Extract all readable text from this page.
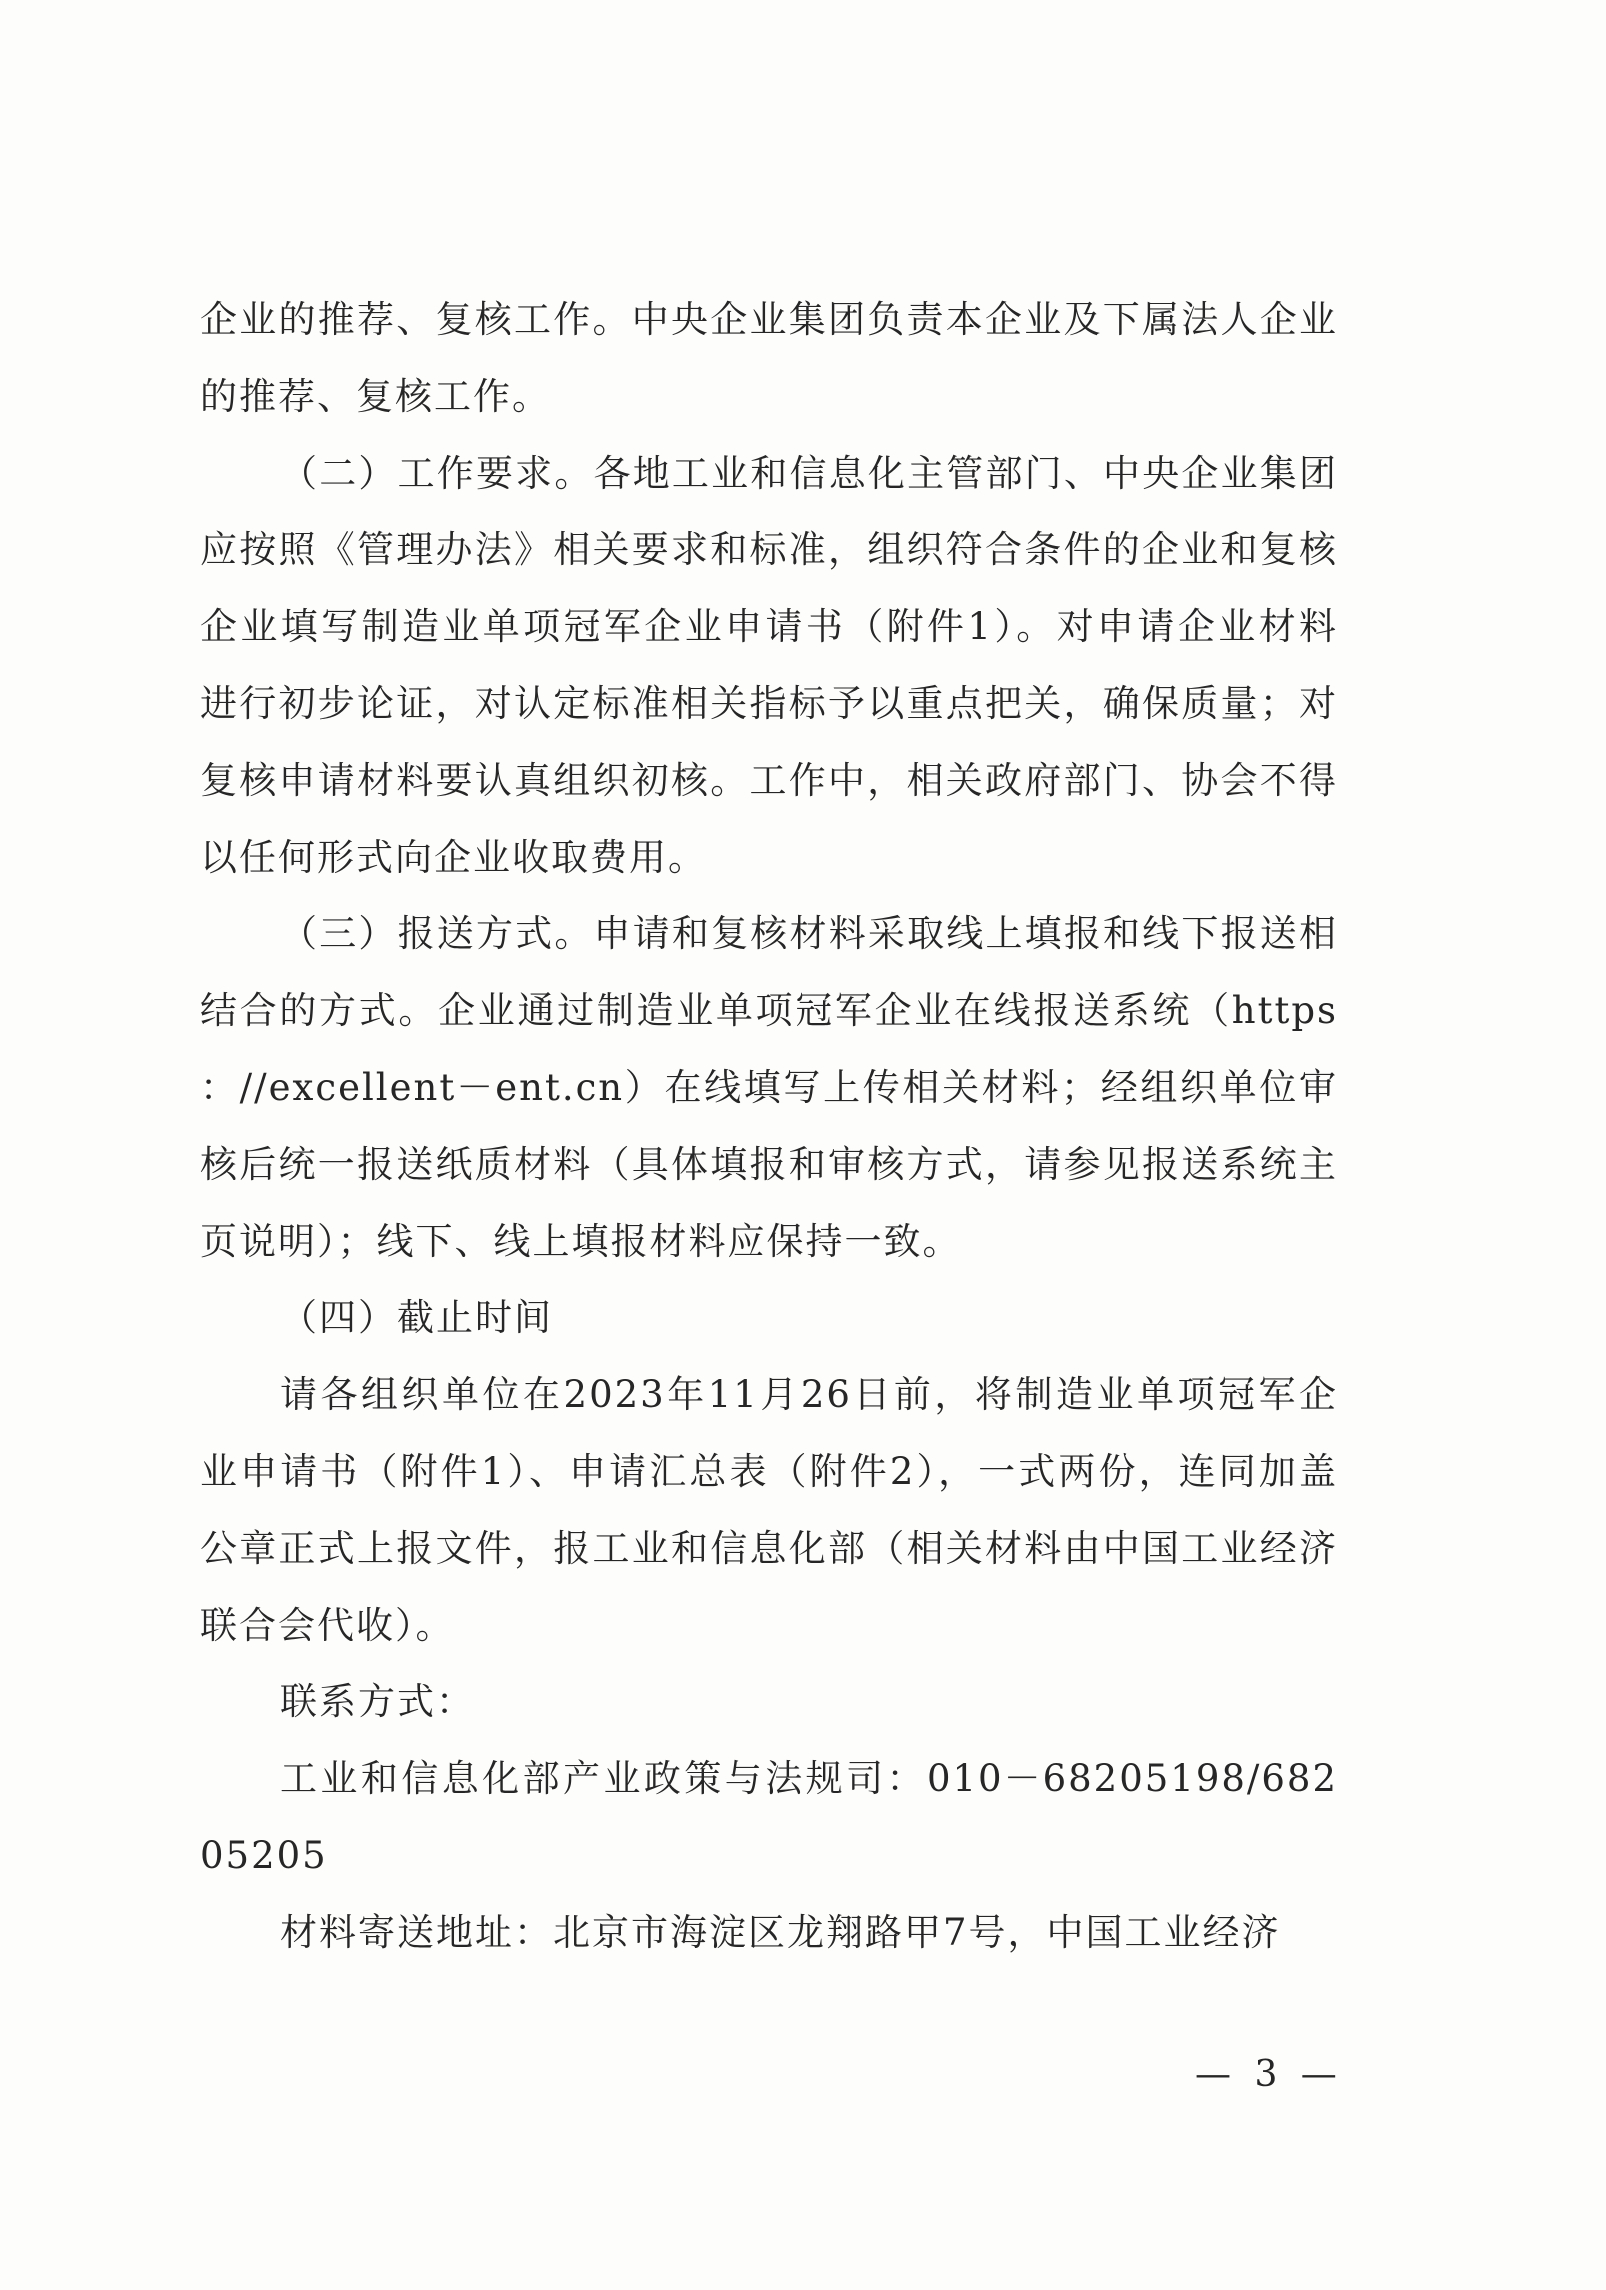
企业的推荐、复核工作。中央企业集团负责本企业及下属法人企业的推荐、复核工作。

（二）工作要求。各地工业和信息化主管部门、中央企业集团应按照《管理办法》相关要求和标准，组织符合条件的企业和复核企业填写制造业单项冠军企业申请书（附件1）。对申请企业材料进行初步论证，对认定标准相关指标予以重点把关，确保质量；对复核申请材料要认真组织初核。工作中，相关政府部门、协会不得以任何形式向企业收取费用。

（三）报送方式。申请和复核材料采取线上填报和线下报送相结合的方式。企业通过制造业单项冠军企业在线报送系统（https：//excellent－ent.cn）在线填写上传相关材料；经组织单位审核后统一报送纸质材料（具体填报和审核方式，请参见报送系统主页说明）；线下、线上填报材料应保持一致。

（四）截止时间

请各组织单位在2023年11月26日前，将制造业单项冠军企业申请书（附件1）、申请汇总表（附件2），一式两份，连同加盖公章正式上报文件，报工业和信息化部（相关材料由中国工业经济联合会代收）。

联系方式：

工业和信息化部产业政策与法规司：010－68205198/68205205

材料寄送地址：北京市海淀区龙翔路甲7号，中国工业经济

— 3 —
